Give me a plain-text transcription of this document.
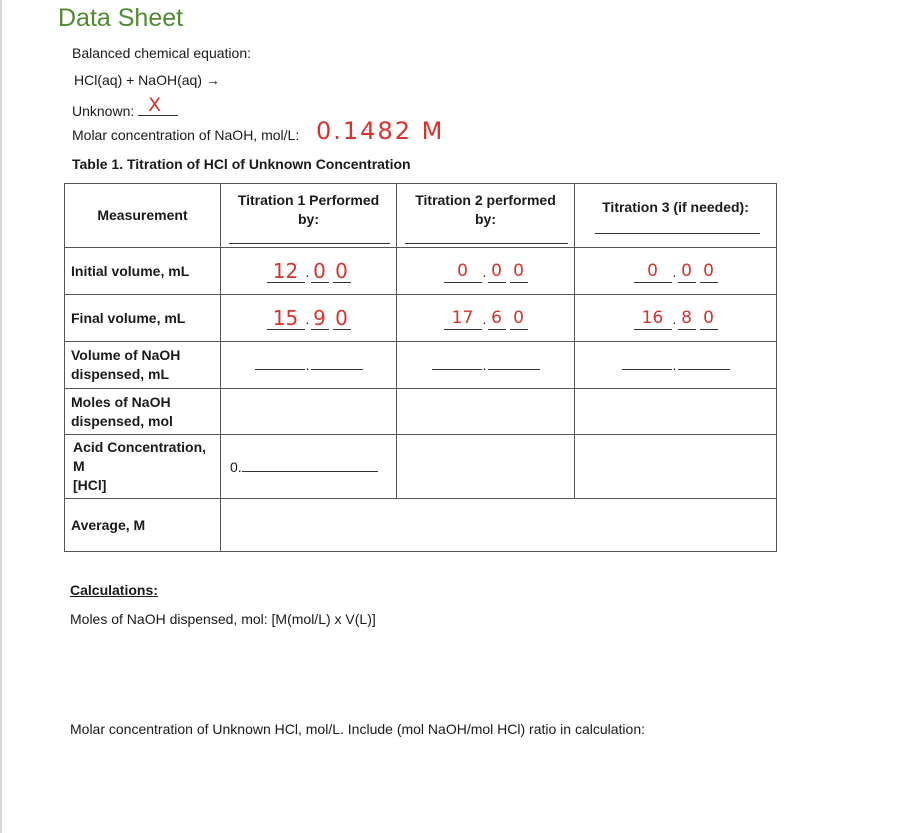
Data Sheet
Balanced chemical equation:
HCl(aq) + NaOH(aq) →
Unknown: X
Molar concentration of NaOH, mol/L: 0.1482 M
Table 1. Titration of HCl of Unknown Concentration
Measurement	Titration 1 Performed by:	Titration 2 performed by:	Titration 3 (if needed):

Initial volume, mL	12 . 0 0	0 . 0 0	0 . 0 0

Final volume, mL	15 . 9 0	17 . 6 0	16 . 8 0

Volume of NaOH dispensed, mL	.	.	.

Moles of NaOH dispensed, mol			
Acid Concentration,
M
[HCl]	0.		
Average, M			
Calculations:
Moles of NaOH dispensed, mol: [M(mol/L) x V(L)]
Molar concentration of Unknown HCl, mol/L. Include (mol NaOH/mol HCl) ratio in calculation:
